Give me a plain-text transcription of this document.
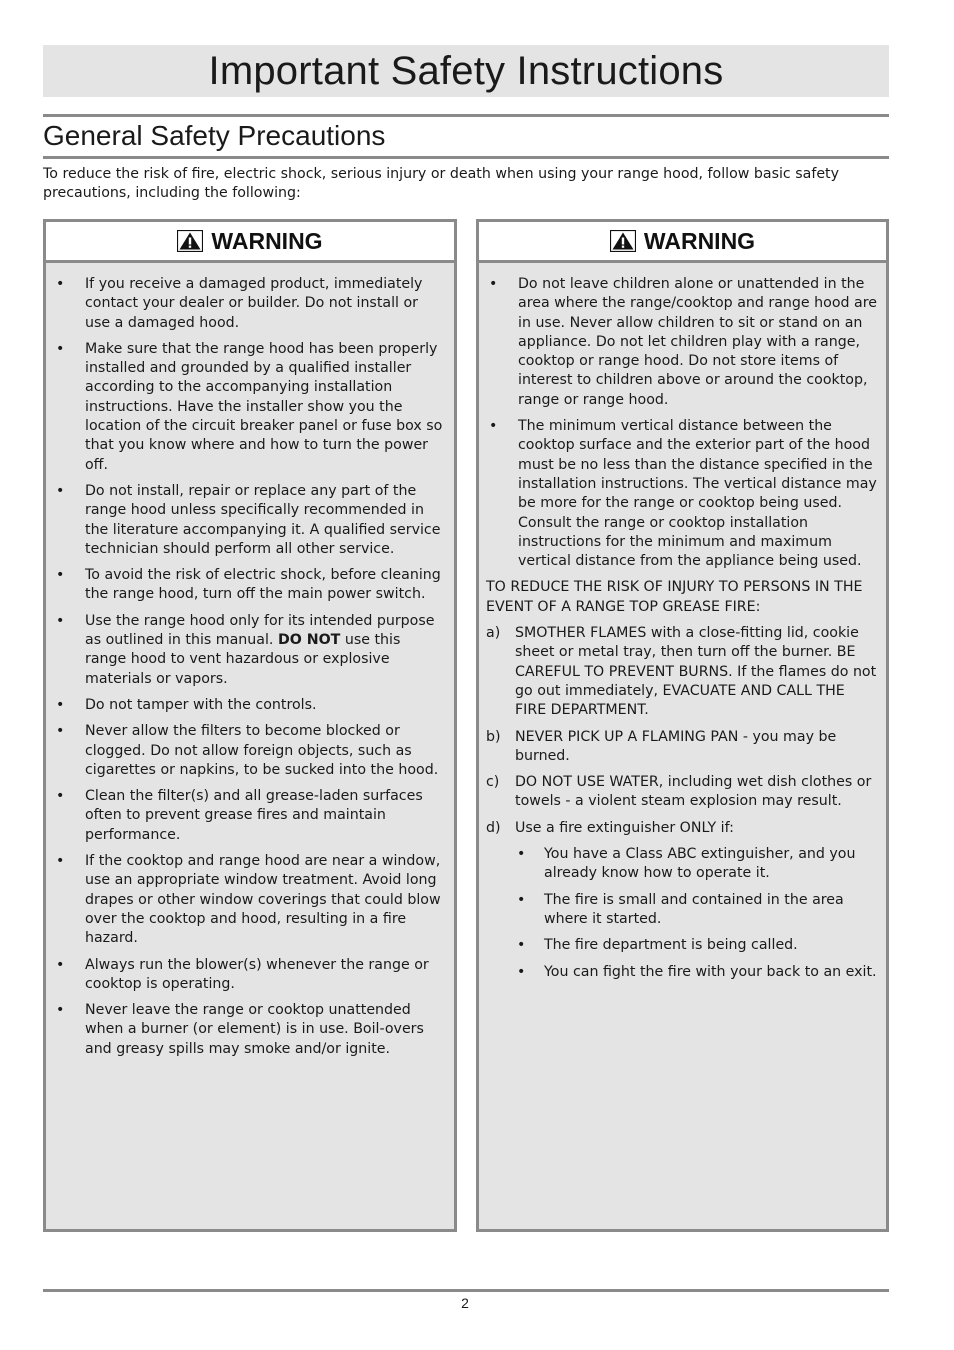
Important Safety Instructions
General Safety Precautions

To reduce the risk of fire, electric shock, serious injury or death when using your range hood, follow basic safety precautions, including the following:

WARNING
• If you receive a damaged product, immediately contact your dealer or builder. Do not install or use a damaged hood.
• Make sure that the range hood has been properly installed and grounded by a qualified installer according to the accompanying installation instructions. Have the installer show you the location of the circuit breaker panel or fuse box so that you know where and how to turn the power off.
• Do not install, repair or replace any part of the range hood unless specifically recommended in the literature accompanying it. A qualified service technician should perform all other service.
• To avoid the risk of electric shock, before cleaning the range hood, turn off the main power switch.
• Use the range hood only for its intended purpose as outlined in this manual. DO NOT use this range hood to vent hazardous or explosive materials or vapors.
• Do not tamper with the controls.
• Never allow the filters to become blocked or clogged. Do not allow foreign objects, such as cigarettes or napkins, to be sucked into the hood.
• Clean the filter(s) and all grease-laden surfaces often to prevent grease fires and maintain performance.
• If the cooktop and range hood are near a window, use an appropriate window treatment. Avoid long drapes or other window coverings that could blow over the cooktop and hood, resulting in a fire hazard.
• Always run the blower(s) whenever the range or cooktop is operating.
• Never leave the range or cooktop unattended when a burner (or element) is in use. Boil-overs and greasy spills may smoke and/or ignite.
WARNING
• Do not leave children alone or unattended in the area where the range/cooktop and range hood are in use. Never allow children to sit or stand on an appliance. Do not let children play with a range, cooktop or range hood. Do not store items of interest to children above or around the cooktop, range or range hood.
• The minimum vertical distance between the cooktop surface and the exterior part of the hood must be no less than the distance specified in the installation instructions. The vertical distance may be more for the range or cooktop being used. Consult the range or cooktop installation instructions for the minimum and maximum vertical distance from the appliance being used.

TO REDUCE THE RISK OF INJURY TO PERSONS IN THE EVENT OF A RANGE TOP GREASE FIRE:

a) SMOTHER FLAMES with a close-fitting lid, cookie sheet or metal tray, then turn off the burner. BE CAREFUL TO PREVENT BURNS. If the flames do not go out immediately, EVACUATE AND CALL THE FIRE DEPARTMENT.
b) NEVER PICK UP A FLAMING PAN - you may be burned.
c) DO NOT USE WATER, including wet dish clothes or towels - a violent steam explosion may result.
d) Use a fire extinguisher ONLY if:
• You have a Class ABC extinguisher, and you already know how to operate it.
• The fire is small and contained in the area where it started.
• The fire department is being called.
• You can fight the fire with your back to an exit.
2
